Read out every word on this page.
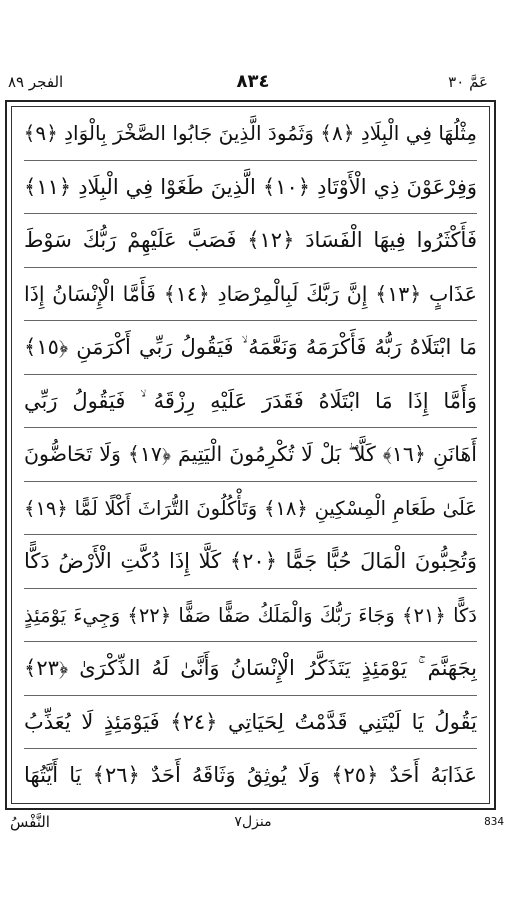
الفجر ٨٩	٨٣٤	عَمَّ ٣٠
مِثْلُهَا فِي الْبِلَادِ ﴿٨﴾ وَثَمُودَ الَّذِينَ جَابُوا الصَّخْرَ بِالْوَادِ ﴿٩﴾
وَفِرْعَوْنَ ذِي الْأَوْتَادِ ﴿١٠﴾ الَّذِينَ طَغَوْا فِي الْبِلَادِ ﴿١١﴾
فَأَكْثَرُوا فِيهَا الْفَسَادَ ﴿١٢﴾ فَصَبَّ عَلَيْهِمْ رَبُّكَ سَوْطَ
عَذَابٍ ﴿١٣﴾ إِنَّ رَبَّكَ لَبِالْمِرْصَادِ ﴿١٤﴾ فَأَمَّا الْإِنْسَانُ إِذَا
مَا ابْتَلَاهُ رَبُّهُ فَأَكْرَمَهُ وَنَعَّمَهُ ۙ فَيَقُولُ رَبِّي أَكْرَمَنِ ﴿١٥﴾
وَأَمَّا إِذَا مَا ابْتَلَاهُ فَقَدَرَ عَلَيْهِ رِزْقَهُ ۙ فَيَقُولُ رَبِّي
أَهَانَنِ ﴿١٦﴾ كَلَّا ۖ بَلْ لَا تُكْرِمُونَ الْيَتِيمَ ﴿١٧﴾ وَلَا تَحَاضُّونَ
عَلَىٰ طَعَامِ الْمِسْكِينِ ﴿١٨﴾ وَتَأْكُلُونَ التُّرَاثَ أَكْلًا لَمًّا ﴿١٩﴾
وَتُحِبُّونَ الْمَالَ حُبًّا جَمًّا ﴿٢٠﴾ كَلَّا إِذَا دُكَّتِ الْأَرْضُ دَكًّا
دَكًّا ﴿٢١﴾ وَجَاءَ رَبُّكَ وَالْمَلَكُ صَفًّا صَفًّا ﴿٢٢﴾ وَجِيءَ يَوْمَئِذٍ
بِجَهَنَّمَ ۚ يَوْمَئِذٍ يَتَذَكَّرُ الْإِنْسَانُ وَأَنَّىٰ لَهُ الذِّكْرَىٰ ﴿٢٣﴾
يَقُولُ يَا لَيْتَنِي قَدَّمْتُ لِحَيَاتِي ﴿٢٤﴾ فَيَوْمَئِذٍ لَا يُعَذِّبُ
عَذَابَهُ أَحَدٌ ﴿٢٥﴾ وَلَا يُوثِقُ وَثَاقَهُ أَحَدٌ ﴿٢٦﴾ يَا أَيَّتُهَا
النَّفْسُ	منزل٧	834
